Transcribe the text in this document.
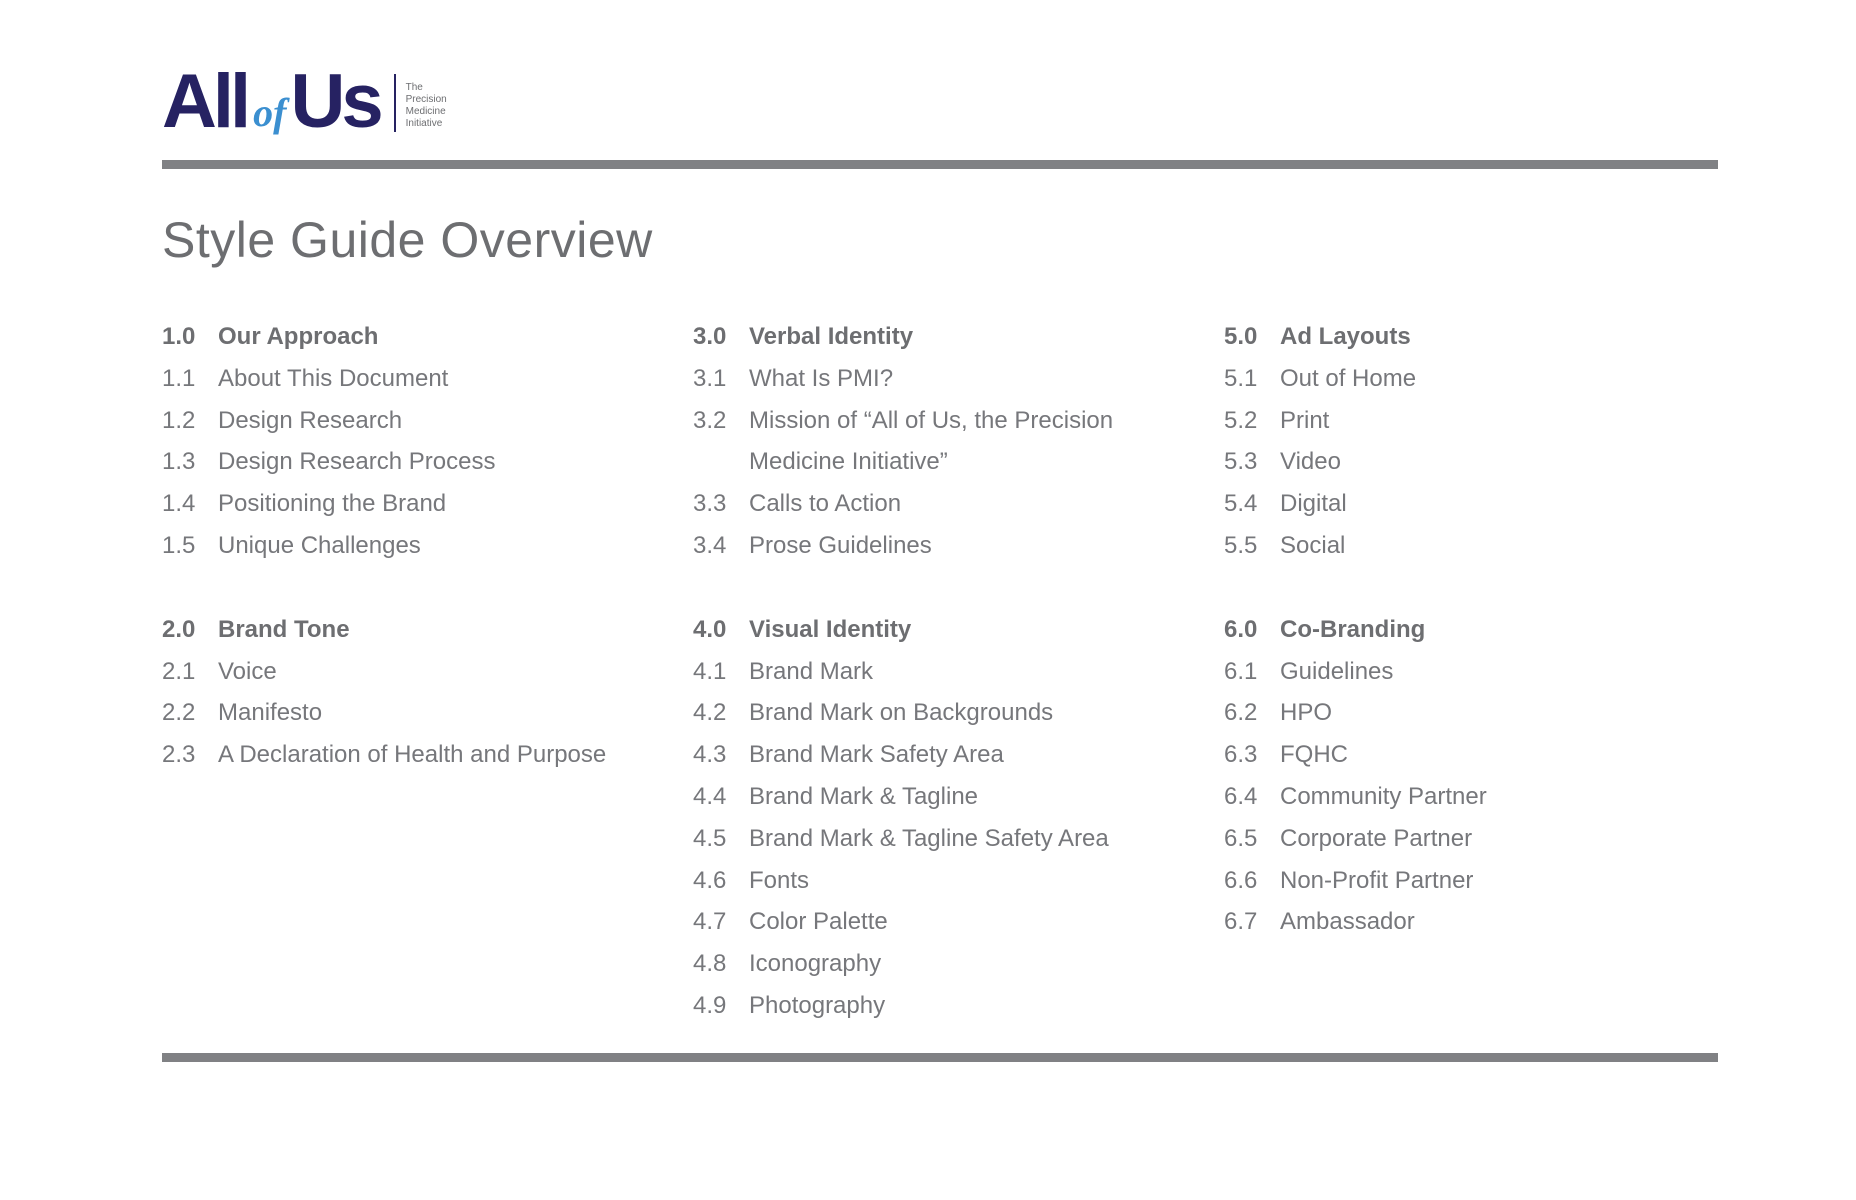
All of Us	The
Precision
Medicine
Initiative
Style Guide Overview
1.0 Our Approach
1.1 About This Document
1.2 Design Research
1.3 Design Research Process
1.4 Positioning the Brand
1.5 Unique Challenges
2.0 Brand Tone
2.1 Voice
2.2 Manifesto
2.3 A Declaration of Health and Purpose
3.0 Verbal Identity
3.1 What Is PMI?
3.2 Mission of “All of Us, the Precision Medicine Initiative”
3.3 Calls to Action
3.4 Prose Guidelines
4.0 Visual Identity
4.1 Brand Mark
4.2 Brand Mark on Backgrounds
4.3 Brand Mark Safety Area
4.4 Brand Mark & Tagline
4.5 Brand Mark & Tagline Safety Area
4.6 Fonts
4.7 Color Palette
4.8 Iconography
4.9 Photography
5.0 Ad Layouts
5.1 Out of Home
5.2 Print
5.3 Video
5.4 Digital
5.5 Social
6.0 Co-Branding
6.1 Guidelines
6.2 HPO
6.3 FQHC
6.4 Community Partner
6.5 Corporate Partner
6.6 Non-Profit Partner
6.7 Ambassador
